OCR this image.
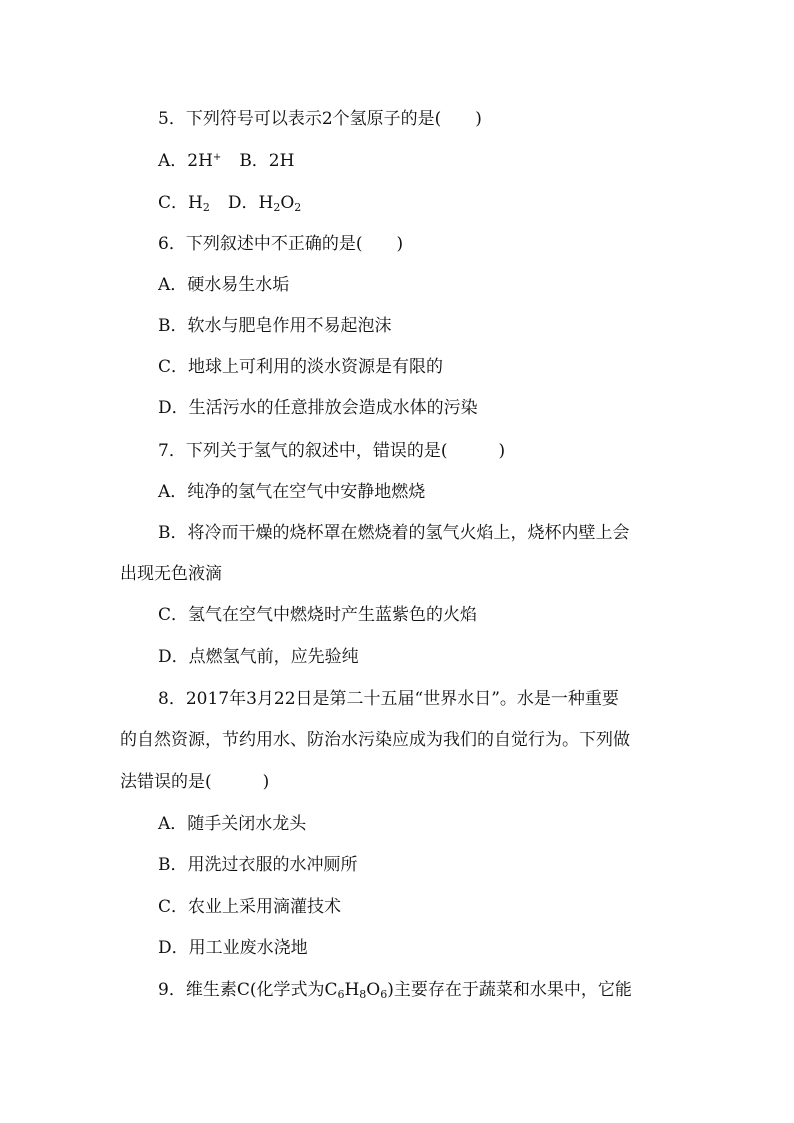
5．下列符号可以表示2个氢原子的是(　　)
A．2H+ B．2H
C．$H_2$ D．$H_2O_2$
6．下列叙述中不正确的是(　　)
A．硬水易生水垢
B．软水与肥皂作用不易起泡沫
C．地球上可利用的淡水资源是有限的
D．生活污水的任意排放会造成水体的污染
7．下列关于氢气的叙述中，错误的是(　　　)
A．纯净的氢气在空气中安静地燃烧
B．将冷而干燥的烧杯罩在燃烧着的氢气火焰上，烧杯内壁上会
出现无色液滴
C．氢气在空气中燃烧时产生蓝紫色的火焰
D．点燃氢气前，应先验纯
8．2017年3月22日是第二十五届“世界水日”。水是一种重要
的自然资源，节约用水、防治水污染应成为我们的自觉行为。下列做
法错误的是(　　　)
A．随手关闭水龙头
B．用洗过衣服的水冲厕所
C．农业上采用滴灌技术
D．用工业废水浇地
9．维生素C(化学式为$C_6H_8O_6$)主要存在于蔬菜和水果中，它能
